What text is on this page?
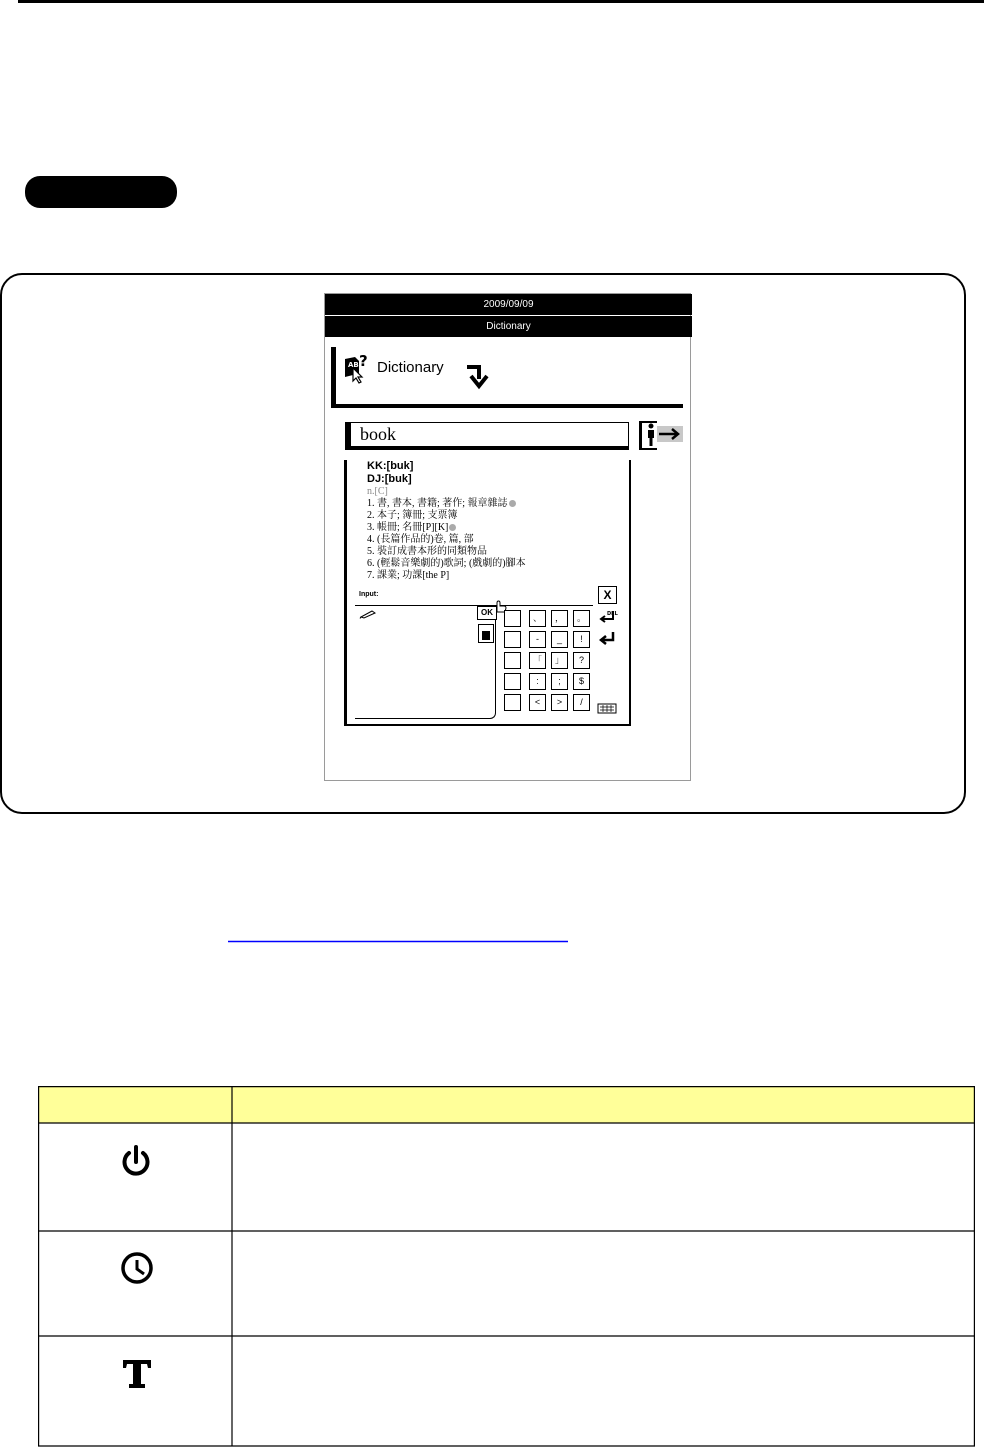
2009/09/09
Dictionary
AB ? Dictionary
book
KK:[buk]
DJ:[buk]
n.[C]
1. 書, 書本, 書籍; 著作; 報章雜誌
2. 本子; 簿冊; 支票簿
3. 帳冊; 名冊[P][K]
4. (長篇作品的)卷, 篇, 部
5. 裝訂成書本形的同類物品
6. (輕鬆音樂劇的)歌詞; (戲劇的)腳本
7. 課業; 功課[the P]
Input:	X
OK
、	，	。
-	_	!
「	」	?
:	;	$
<	>	/
DEL
